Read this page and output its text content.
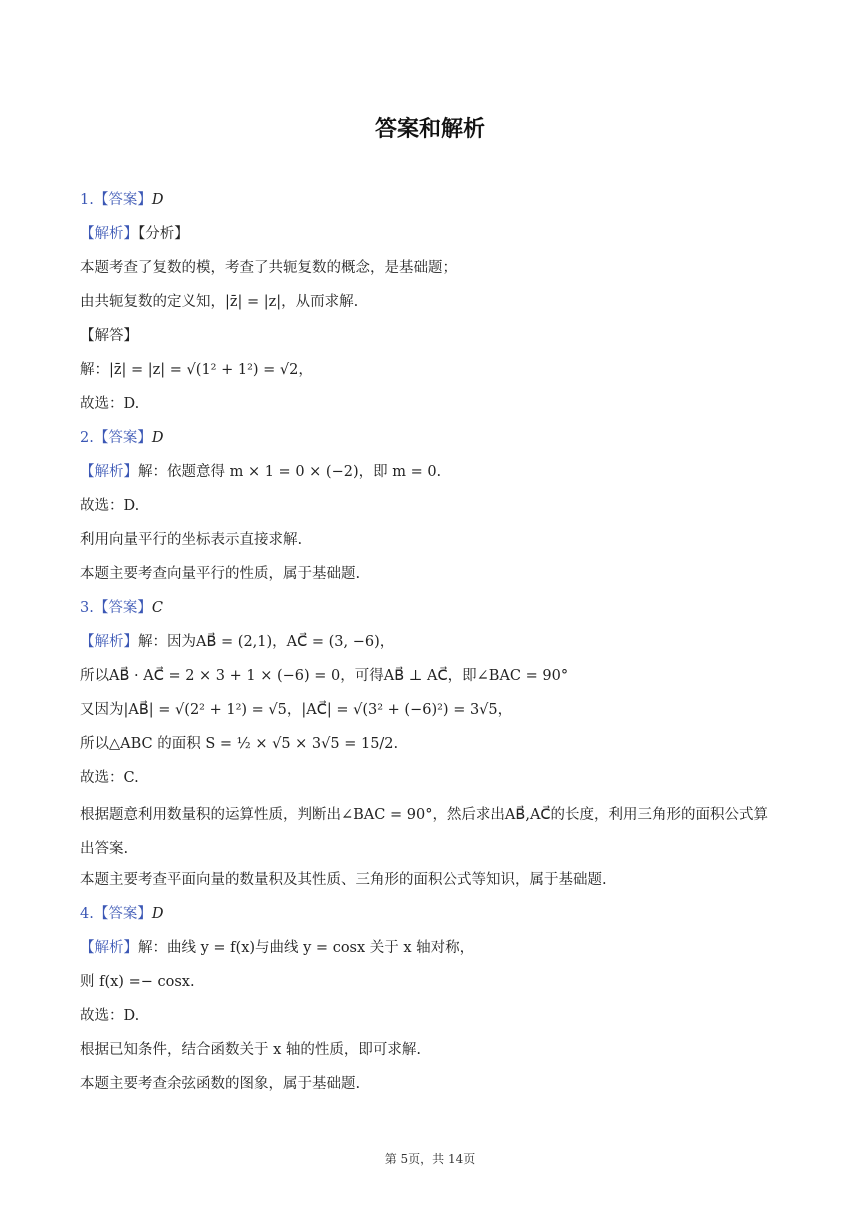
答案和解析
1.【答案】D
【解析】【分析】
本题考查了复数的模，考查了共轭复数的概念，是基础题；
由共轭复数的定义知，|z̄| = |z|，从而求解.
【解答】
解：|z̄| = |z| = √(1² + 1²) = √2，
故选：D.
2.【答案】D
【解析】解：依题意得 m × 1 = 0 × (−2)，即 m = 0.
故选：D.
利用向量平行的坐标表示直接求解.
本题主要考查向量平行的性质，属于基础题.
3.【答案】C
【解析】解：因为AB⃗ = (2,1)，AC⃗ = (3, −6)，
所以AB⃗ · AC⃗ = 2 × 3 + 1 × (−6) = 0，可得AB⃗ ⊥ AC⃗，即∠BAC = 90°
又因为|AB⃗| = √(2² + 1²) = √5，|AC⃗| = √(3² + (−6)²) = 3√5，
所以△ABC 的面积 S = ½ × √5 × 3√5 = 15/2.
故选：C.
根据题意利用数量积的运算性质，判断出∠BAC = 90°，然后求出AB⃗,AC⃗的长度，利用三角形的面积公式算出答案.
本题主要考查平面向量的数量积及其性质、三角形的面积公式等知识，属于基础题.
4.【答案】D
【解析】解：曲线 y = f(x)与曲线 y = cosx 关于 x 轴对称，
则 f(x) =− cosx.
故选：D.
根据已知条件，结合函数关于 x 轴的性质，即可求解.
本题主要考查余弦函数的图象，属于基础题.
第 5页，共 14页
